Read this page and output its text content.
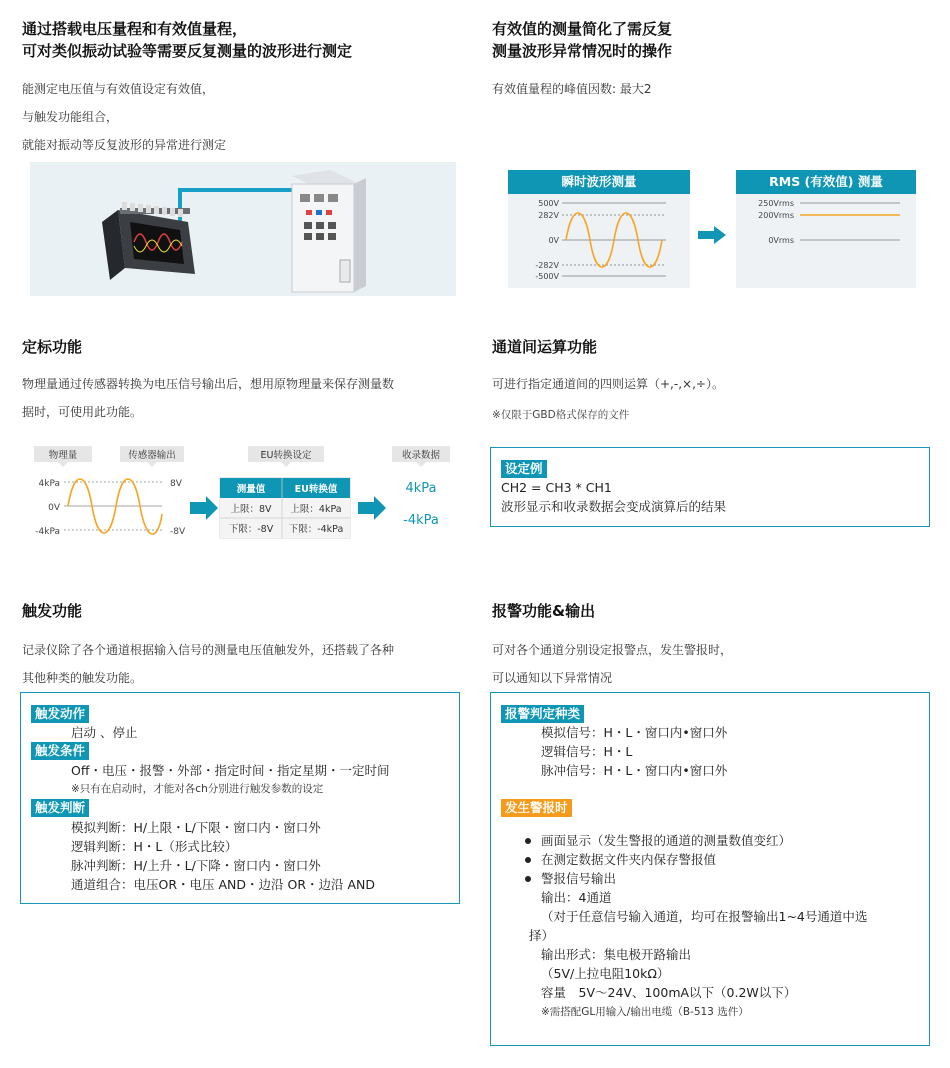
通过搭载电压量程和有效值量程，
可对类似振动试验等需要反复测量的波形进行测定
能测定电压值与有效值设定有效值，
与触发功能组合，
就能对振动等反复波形的异常进行测定
有效值的测量简化了需反复
测量波形异常情况时的操作
有效值量程的峰值因数: 最大2
瞬时波形测量
500V
282V
0V
-282V
-500V
RMS (有效值) 测量
250Vrms
200Vrms
0Vrms
定标功能
物理量通过传感器转换为电压信号输出后，想用原物理量来保存测量数
据时，可使用此功能。
物理量	传感器输出	EU转换设定	收录数据
4kPa
0V
-4kPa
8V
-8V
测量值	EU转换值
上限：8V 上限：4kPa
下限：-8V 下限：-4kPa
4kPa
-4kPa
通道间运算功能
可进行指定通道间的四则运算（+,-,×,÷）。
※仅限于GBD格式保存的文件
设定例
CH2 = CH3 * CH1
波形显示和收录数据会变成演算后的结果
触发功能
记录仪除了各个通道根据输入信号的测量电压值触发外，还搭载了各种
其他种类的触发功能。
触发动作
启动 、停止
触发条件
Off・电压・报警・外部・指定时间・指定星期・一定时间
※只有在启动时，才能对各ch分别进行触发参数的设定
触发判断
模拟判断：H/上限・L/下限・窗口内・窗口外
逻辑判断：H・L（形式比较）
脉冲判断：H/上升・L/下降・窗口内・窗口外
通道组合：电压OR・电压 AND・边沿 OR・边沿 AND
报警功能&输出
可对各个通道分别设定报警点，发生警报时，
可以通知以下异常情况
报警判定种类
模拟信号：H・L・窗口内•窗口外
逻辑信号：H・L
脉冲信号：H・L・窗口内•窗口外
发生警报时
画面显示（发生警报的通道的测量数值变红）
在测定数据文件夹内保存警报值
警报信号输出
输出：4通道
（对于任意信号输入通道，均可在报警输出1~4号通道中选
择）
输出形式：集电极开路输出
（5V/上拉电阻10kΩ）
容量　5V～24V、100mA以下（0.2W以下）
※需搭配GL用输入/输出电缆（B-513 选件）
